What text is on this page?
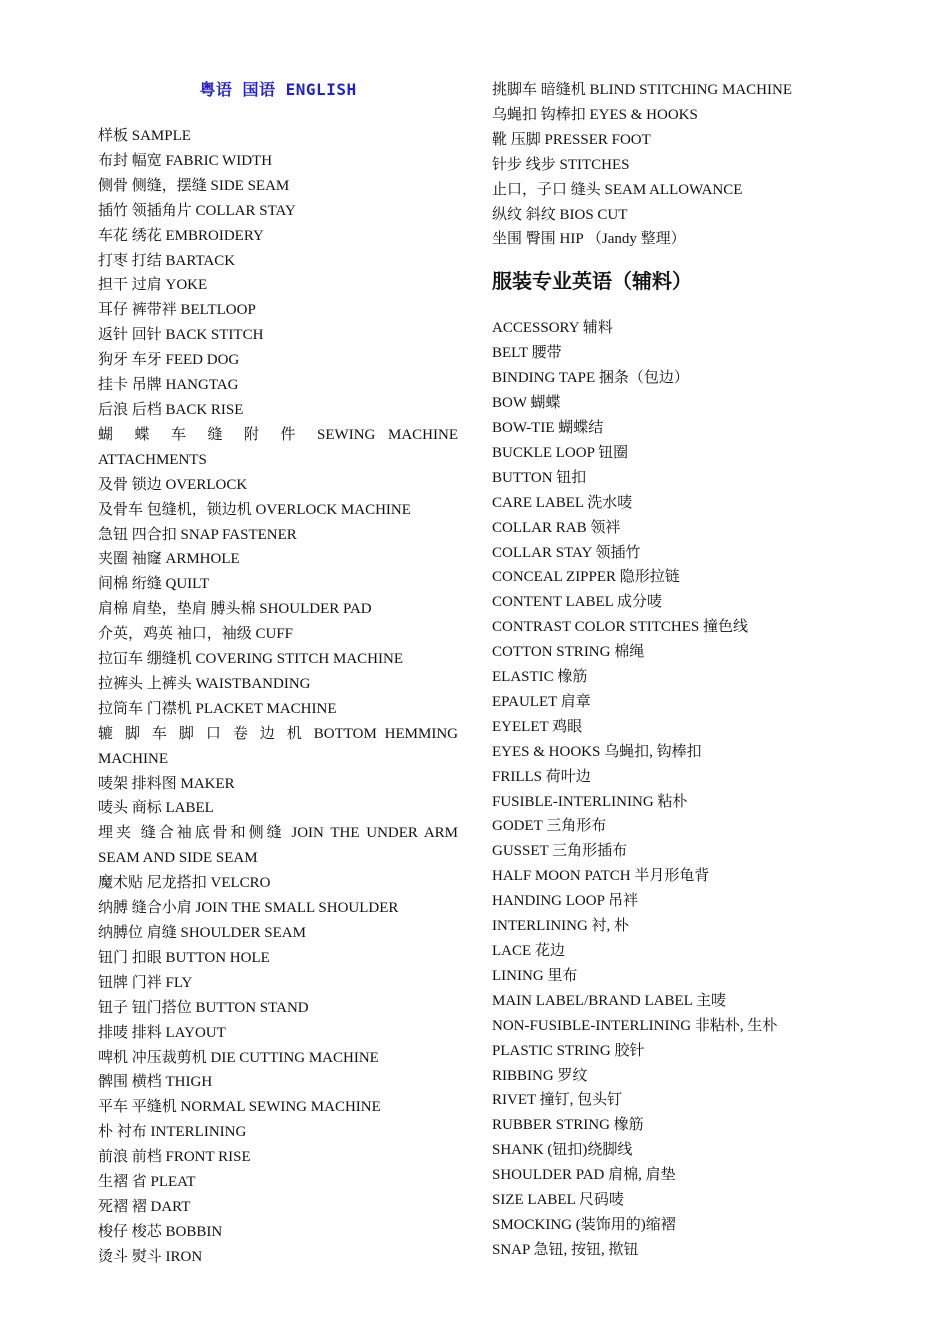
粤语 国语 ENGLISH
样板 SAMPLE
布封 幅宽 FABRIC WIDTH
侧骨 侧缝，摆缝 SIDE SEAM
插竹 领插角片 COLLAR STAY
车花 绣花 EMBROIDERY
打枣 打结 BARTACK
担干 过肩 YOKE
耳仔 裤带袢 BELTLOOP
返针 回针 BACK STITCH
狗牙 车牙 FEED DOG
挂卡 吊牌 HANGTAG
后浪 后档 BACK RISE
蝴 蝶 车 缝 附 件 SEWING MACHINE
ATTACHMENTS
及骨 锁边 OVERLOCK
及骨车 包缝机，锁边机 OVERLOCK MACHINE
急钮 四合扣 SNAP FASTENER
夹圈 袖窿 ARMHOLE
间棉 绗缝 QUILT
肩棉 肩垫，垫肩 膊头棉 SHOULDER PAD
介英，鸡英 袖口，袖级 CUFF
拉冚车 绷缝机 COVERING STITCH MACHINE
拉裤头 上裤头 WAISTBANDING
拉筒车 门襟机 PLACKET MACHINE
辘 脚 车 脚 口 卷 边 机 BOTTOM HEMMING
MACHINE
唛架 排料图 MAKER
唛头 商标 LABEL
埋夹 缝合袖底骨和侧缝 JOIN THE UNDER ARM
SEAM AND SIDE SEAM
魔术贴 尼龙搭扣 VELCRO
纳膊 缝合小肩 JOIN THE SMALL SHOULDER
纳膊位 肩缝 SHOULDER SEAM
钮门 扣眼 BUTTON HOLE
钮牌 门袢 FLY
钮子 钮门搭位 BUTTON STAND
排唛 排料 LAYOUT
啤机 冲压裁剪机 DIE CUTTING MACHINE
髀围 横档 THIGH
平车 平缝机 NORMAL SEWING MACHINE
朴 衬布 INTERLINING
前浪 前档 FRONT RISE
生褶 省 PLEAT
死褶 褶 DART
梭仔 梭芯 BOBBIN
烫斗 熨斗 IRON
挑脚车 暗缝机 BLIND STITCHING MACHINE
乌蝇扣 钩棒扣 EYES & HOOKS
靴 压脚 PRESSER FOOT
针步 线步 STITCHES
止口，子口 缝头 SEAM ALLOWANCE
纵纹 斜纹 BIOS CUT
坐围 臀围 HIP （Jandy 整理）
服装专业英语（辅料）
ACCESSORY 辅料
BELT 腰带
BINDING TAPE 捆条（包边）
BOW 蝴蝶
BOW-TIE 蝴蝶结
BUCKLE LOOP 钮圈
BUTTON 钮扣
CARE LABEL 洗水唛
COLLAR RAB 领袢
COLLAR STAY 领插竹
CONCEAL ZIPPER 隐形拉链
CONTENT LABEL 成分唛
CONTRAST COLOR STITCHES 撞色线
COTTON STRING 棉绳
ELASTIC 橡筋
EPAULET 肩章
EYELET 鸡眼
EYES & HOOKS 乌蝇扣, 钩棒扣
FRILLS 荷叶边
FUSIBLE-INTERLINING 粘朴
GODET 三角形布
GUSSET 三角形插布
HALF MOON PATCH 半月形龟背
HANDING LOOP 吊袢
INTERLINING 衬, 朴
LACE 花边
LINING 里布
MAIN LABEL/BRAND LABEL 主唛
NON-FUSIBLE-INTERLINING 非粘朴, 生朴
PLASTIC STRING 胶针
RIBBING 罗纹
RIVET 撞钉, 包头钉
RUBBER STRING 橡筋
SHANK (钮扣)绕脚线
SHOULDER PAD 肩棉, 肩垫
SIZE LABEL 尺码唛
SMOCKING (装饰用的)缩褶
SNAP 急钮, 按钮, 揿钮
